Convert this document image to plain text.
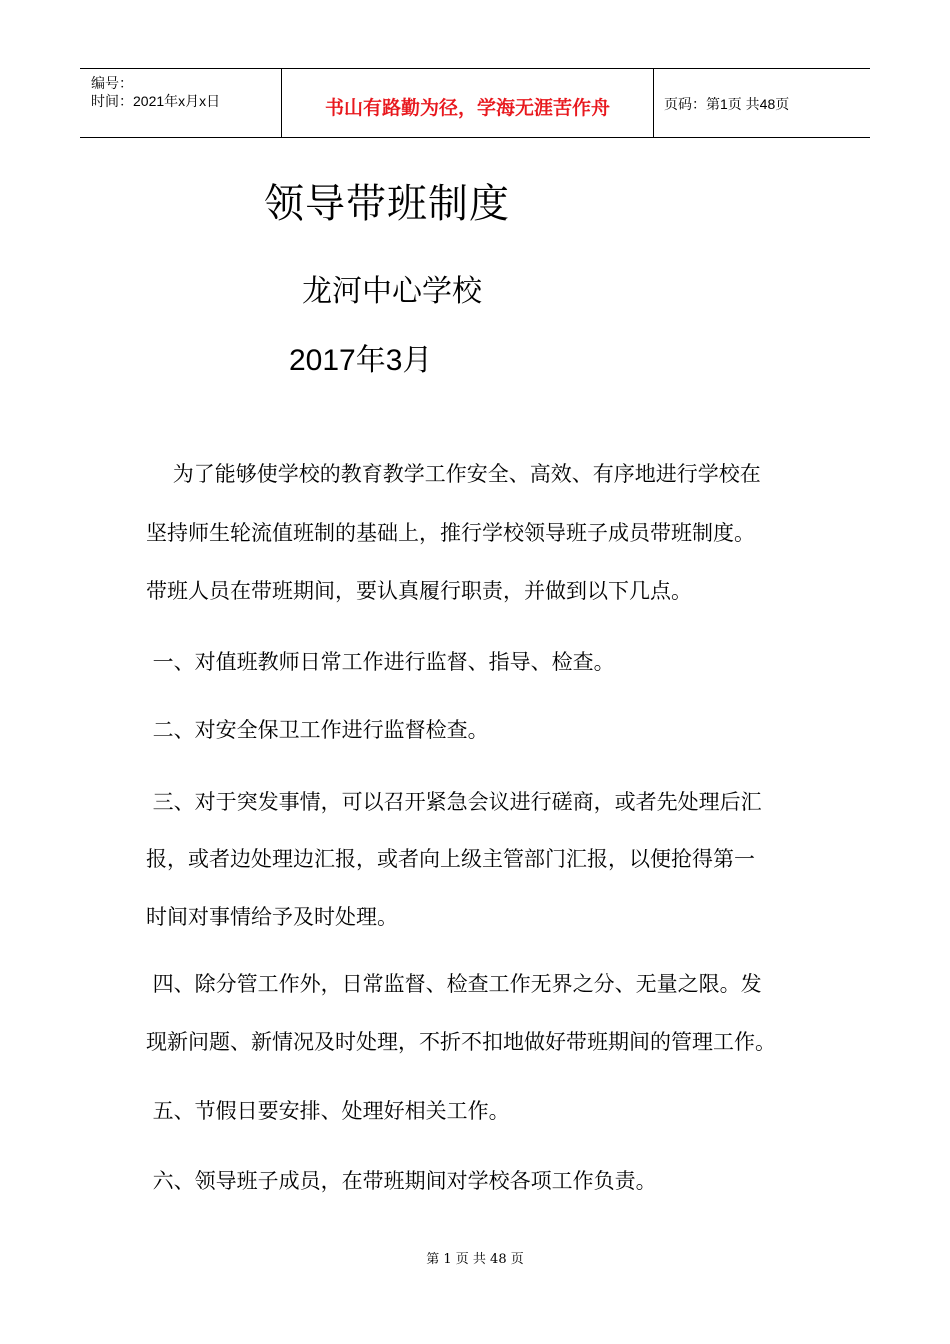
编号：
时间：2021年x月x日	书山有路勤为径，学海无涯苦作舟	页码：第1页 共48页
领导带班制度
龙河中心学校
2017年3月
为了能够使学校的教育教学工作安全、高效、有序地进行学校在
坚持师生轮流值班制的基础上，推行学校领导班子成员带班制度。
带班人员在带班期间，要认真履行职责，并做到以下几点。
一、对值班教师日常工作进行监督、指导、检查。
二、对安全保卫工作进行监督检查。
三、对于突发事情，可以召开紧急会议进行磋商，或者先处理后汇
报，或者边处理边汇报，或者向上级主管部门汇报，以便抢得第一
时间对事情给予及时处理。
四、除分管工作外，日常监督、检查工作无界之分、无量之限。发
现新问题、新情况及时处理，不折不扣地做好带班期间的管理工作。
五、节假日要安排、处理好相关工作。
六、领导班子成员，在带班期间对学校各项工作负责。
第 1 页 共 48 页
